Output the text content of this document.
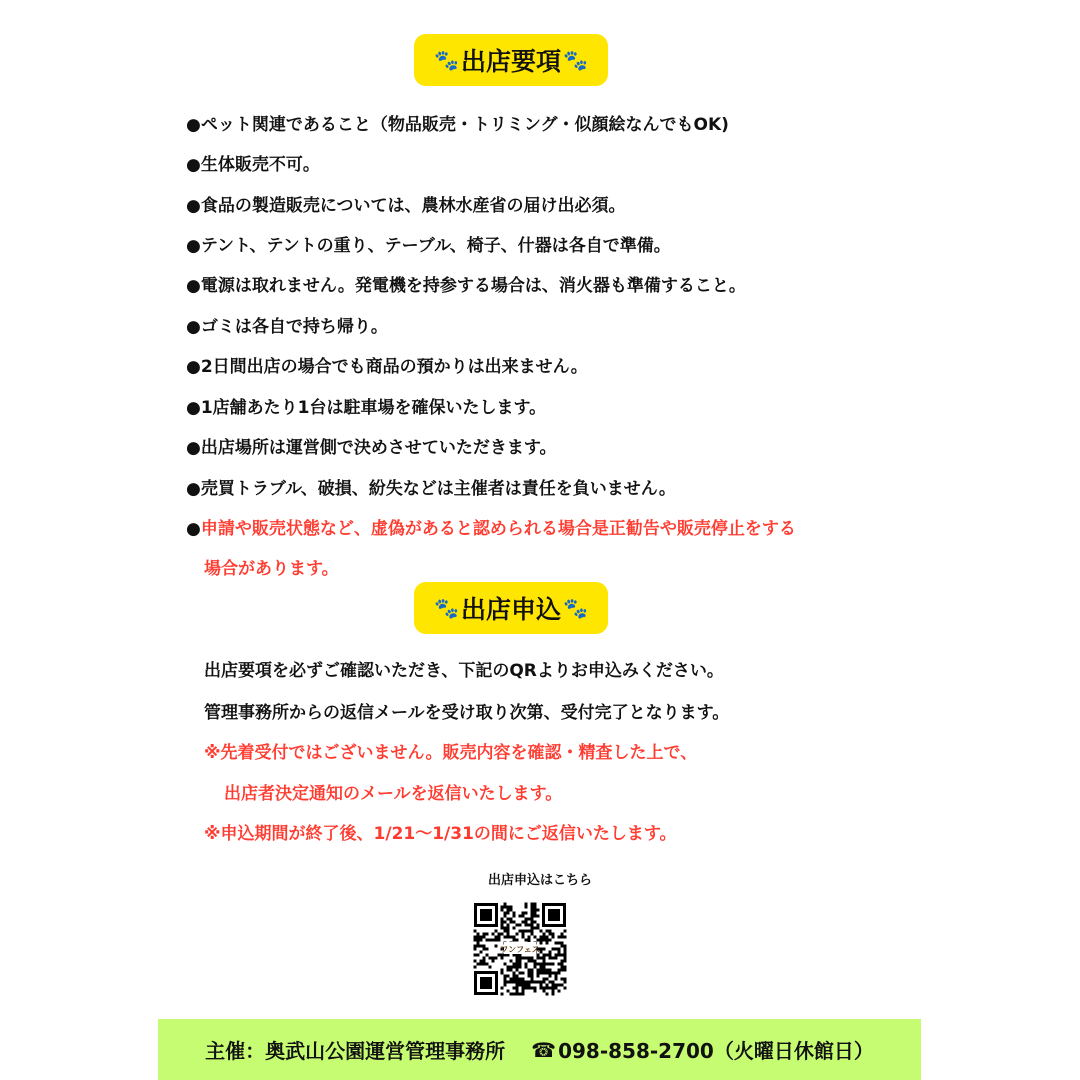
🐾 出店要項 🐾

●ペット関連であること（物品販売・トリミング・似顔絵なんでもOK)

●生体販売不可。

●食品の製造販売については、農林水産省の届け出必須。

●テント、テントの重り、テーブル、椅子、什器は各自で準備。

●電源は取れません。発電機を持参する場合は、消火器も準備すること。

●ゴミは各自で持ち帰り。

●2日間出店の場合でも商品の預かりは出来ません。

●1店舗あたり1台は駐車場を確保いたします。

●出店場所は運営側で決めさせていただきます。

●売買トラブル、破損、紛失などは主催者は責任を負いません。

●申請や販売状態など、虚偽があると認められる場合是正勧告や販売停止をする

場合があります。

🐾 出店申込 🐾

出店要項を必ずご確認いただき、下記のQRよりお申込みください。

管理事務所からの返信メールを受け取り次第、受付完了となります。

※先着受付ではございません。販売内容を確認・精査した上で、

出店者決定通知のメールを返信いたします。

※申込期間が終了後、1/21〜1/31の間にご返信いたします。

出店申込はこちら
ワンフェス
主催：奥武山公園運営管理事務所 ☎ 098-858-2700（火曜日休館日）
